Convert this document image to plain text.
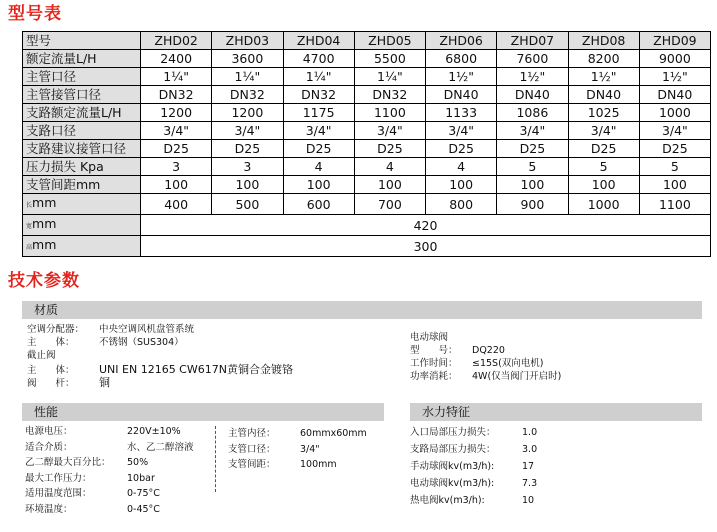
型号表
型号	ZHD02	ZHD03	ZHD04	ZHD05	ZHD06	ZHD07	ZHD08	ZHD09
额定流量L/H	2400	3600	4700	5500	6800	7600	8200	9000
主管口径	1¼"	1¼"	1¼"	1¼"	1½"	1½"	1½"	1½"
主管接管口径	DN32	DN32	DN32	DN32	DN40	DN40	DN40	DN40
支路额定流量L/H	1200	1200	1175	1100	1133	1086	1025	1000
支路口径	3/4"	3/4"	3/4"	3/4"	3/4"	3/4"	3/4"	3/4"
支路建议接管口径	D25	D25	D25	D25	D25	D25	D25	D25
压力损失 Kpa	3	3	4	4	4	5	5	5
支管间距mm	100	100	100	100	100	100	100	100
长mm	400	500	600	700	800	900	1000	1100
宽mm	420							
高mm	300							
技术参数
材质
空调分配器： 中央空调风机盘管系统
主　　体：	不锈钢（SUS304）
截止阀
主　　体： UNI EN 12165 CW617N黄铜合金镀铬
阀　　杆： 铜
电动球阀
型　　号： DQ220
工作时间： ≤15S(双向电机)
功率消耗： 4W(仅当阀门开启时)
性能
电源电压：	220V±10%
适合介质：	水、乙二醇溶液
乙二醇最大百分比： 50%
最大工作压力：	10bar
适用温度范围：	0-75°C
环境温度：	0-45°C
主管内径：	60mmx60mm
支管口径：	3/4"
支管间距：	100mm
水力特征
入口局部压力损失：	1.0
支路局部压力损失：	3.0
手动球阀kv(m3/h):	17
电动球阀kv(m3/h):	7.3
热电阀kv(m3/h):	10
